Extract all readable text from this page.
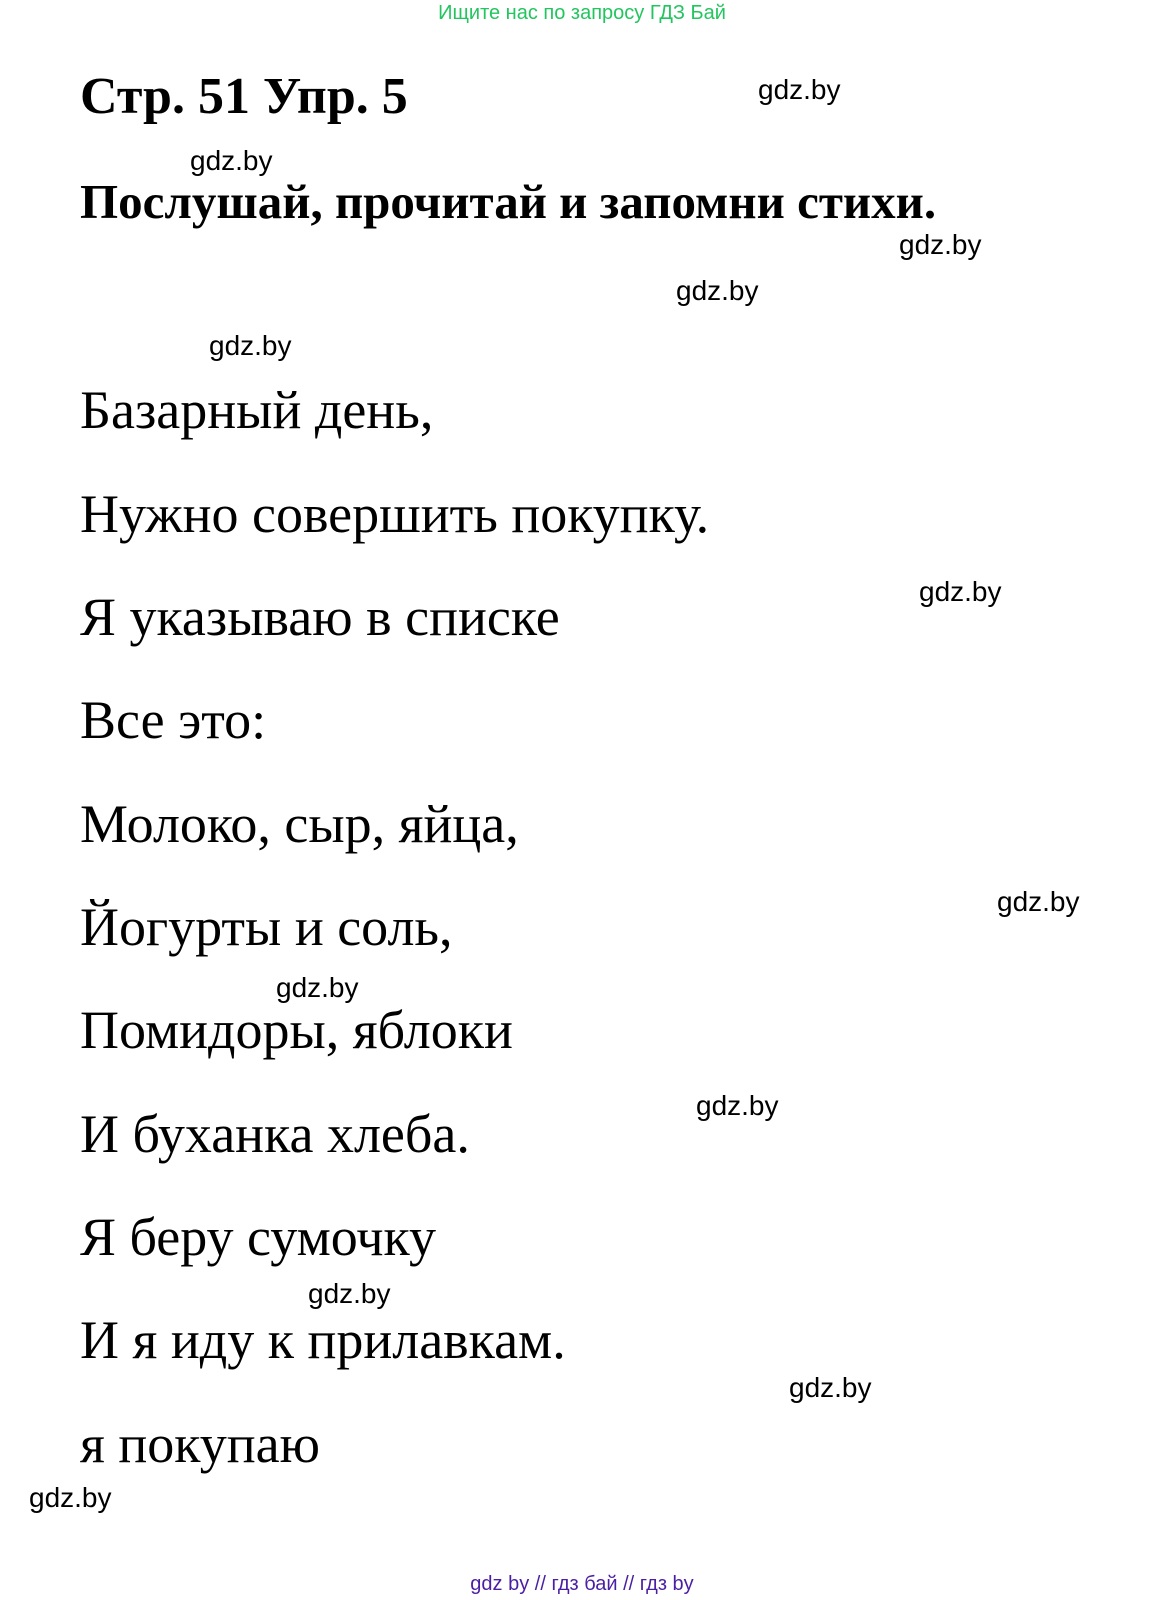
Ищите нас по запросу ГДЗ Бай
Стр. 51 Упр. 5
Послушай, прочитай и запомни стихи.

Базарный день,

Нужно совершить покупку.

Я указываю в списке

Все это:

Молоко, сыр, яйца,

Йогурты и соль,

Помидоры, яблоки

И буханка хлеба.

Я беру сумочку

И я иду к прилавкам.

я покупаю

gdz.by
gdz.by
gdz.by
gdz.by
gdz.by
gdz.by
gdz.by
gdz.by
gdz.by
gdz.by
gdz.by
gdz.by
gdz by // гдз бай // гдз by
